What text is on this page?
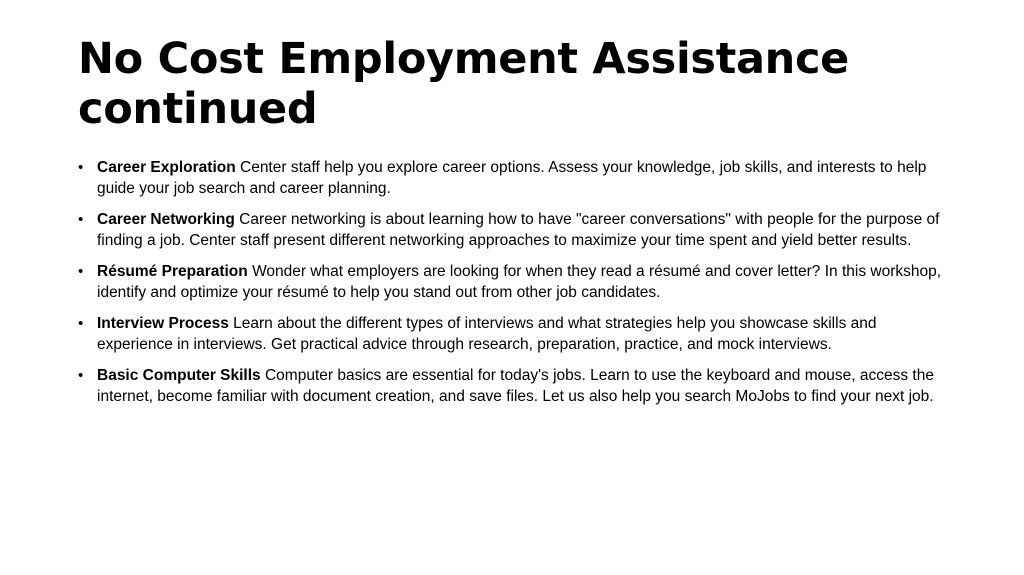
No Cost Employment Assistance continued
• Career Exploration Center staff help you explore career options. Assess your knowledge, job skills, and interests to help guide your job search and career planning.
• Career Networking Career networking is about learning how to have "career conversations" with people for the purpose of finding a job. Center staff present different networking approaches to maximize your time spent and yield better results.
• Résumé Preparation Wonder what employers are looking for when they read a résumé and cover letter? In this workshop, identify and optimize your résumé to help you stand out from other job candidates.
• Interview Process Learn about the different types of interviews and what strategies help you showcase skills and experience in interviews. Get practical advice through research, preparation, practice, and mock interviews.
• Basic Computer Skills Computer basics are essential for today's jobs. Learn to use the keyboard and mouse, access the internet, become familiar with document creation, and save files. Let us also help you search MoJobs to find your next job.
